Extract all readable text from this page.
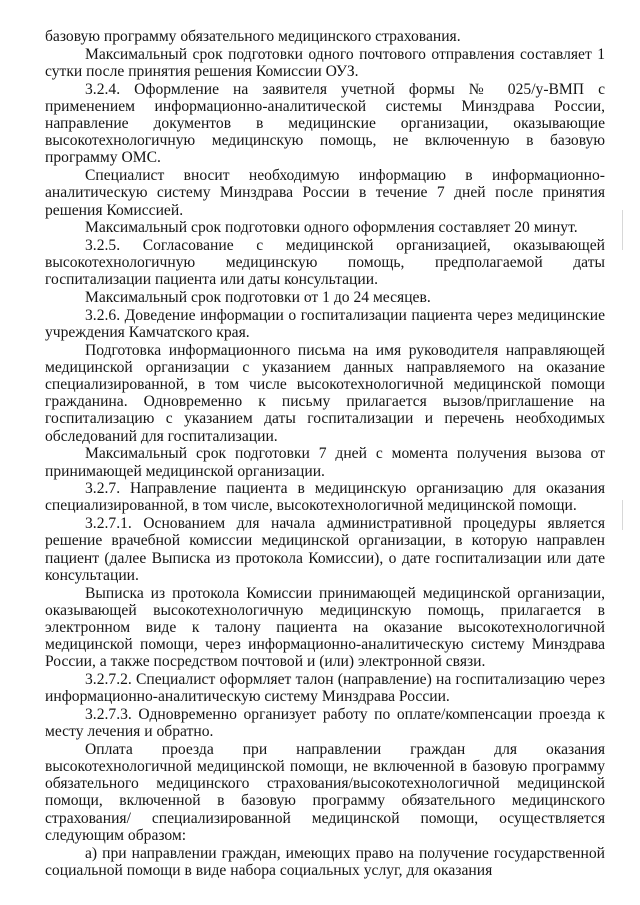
базовую программу обязательного медицинского страхования.

Максимальный срок подготовки одного почтового отправления составляет 1 сутки после принятия решения Комиссии ОУЗ.

3.2.4. Оформление на заявителя учетной формы № 025/у-ВМП с применением информационно-аналитической системы Минздрава России, направление документов в медицинские организации, оказывающие высокотехнологичную медицинскую помощь, не включенную в базовую программу ОМС.

Специалист вносит необходимую информацию в информационно-аналитическую систему Минздрава России в течение 7 дней после принятия решения Комиссией.

Максимальный срок подготовки одного оформления составляет 20 минут.

3.2.5. Согласование с медицинской организацией, оказывающей высокотехнологичную медицинскую помощь, предполагаемой даты госпитализации пациента или даты консультации.

Максимальный срок подготовки от 1 до 24 месяцев.

3.2.6. Доведение информации о госпитализации пациента через медицинские учреждения Камчатского края.

Подготовка информационного письма на имя руководителя направляющей медицинской организации с указанием данных направляемого на оказание специализированной, в том числе высокотехнологичной медицинской помощи гражданина. Одновременно к письму прилагается вызов/приглашение на госпитализацию с указанием даты госпитализации и перечень необходимых обследований для госпитализации.

Максимальный срок подготовки 7 дней с момента получения вызова от принимающей медицинской организации.

3.2.7. Направление пациента в медицинскую организацию для оказания специализированной, в том числе, высокотехнологичной медицинской помощи.

3.2.7.1. Основанием для начала административной процедуры является решение врачебной комиссии медицинской организации, в которую направлен пациент (далее Выписка из протокола Комиссии), о дате госпитализации или дате консультации.

Выписка из протокола Комиссии принимающей медицинской организации, оказывающей высокотехнологичную медицинскую помощь, прилагается в электронном виде к талону пациента на оказание высокотехнологичной медицинской помощи, через информационно-аналитическую систему Минздрава России, а также посредством почтовой и (или) электронной связи.

3.2.7.2. Специалист оформляет талон (направление) на госпитализацию через информационно-аналитическую систему Минздрава России.

3.2.7.3. Одновременно организует работу по оплате/компенсации проезда к месту лечения и обратно.

Оплата проезда при направлении граждан для оказания высокотехнологичной медицинской помощи, не включенной в базовую программу обязательного медицинского страхования/высокотехнологичной медицинской помощи, включенной в базовую программу обязательного медицинского страхования/ специализированной медицинской помощи, осуществляется следующим образом:

а) при направлении граждан, имеющих право на получение государственной социальной помощи в виде набора социальных услуг, для оказания
